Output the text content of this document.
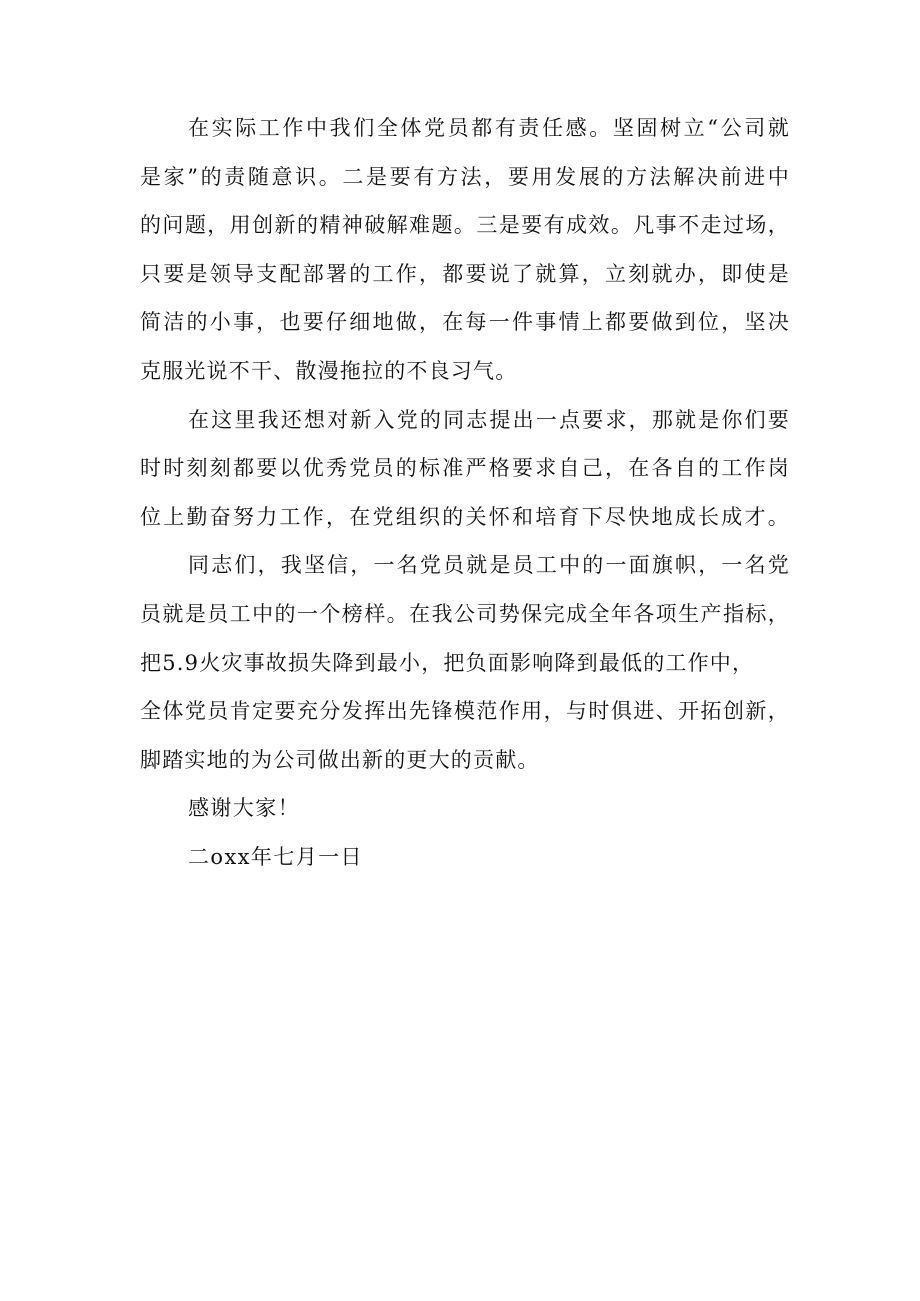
在实际工作中我们全体党员都有责任感。坚固树立“公司就
是家”的责随意识。二是要有方法，要用发展的方法解决前进中
的问题，用创新的精神破解难题。三是要有成效。凡事不走过场，
只要是领导支配部署的工作，都要说了就算，立刻就办，即使是
简洁的小事，也要仔细地做，在每一件事情上都要做到位，坚决
克服光说不干、散漫拖拉的不良习气。
在这里我还想对新入党的同志提出一点要求，那就是你们要
时时刻刻都要以优秀党员的标准严格要求自己，在各自的工作岗
位上勤奋努力工作，在党组织的关怀和培育下尽快地成长成才。
同志们，我坚信，一名党员就是员工中的一面旗帜，一名党
员就是员工中的一个榜样。在我公司势保完成全年各项生产指标，
把5.9火灾事故损失降到最小，把负面影响降到最低的工作中，
全体党员肯定要充分发挥出先锋模范作用，与时俱进、开拓创新，
脚踏实地的为公司做出新的更大的贡献。

感谢大家！

二oxx年七月一日
